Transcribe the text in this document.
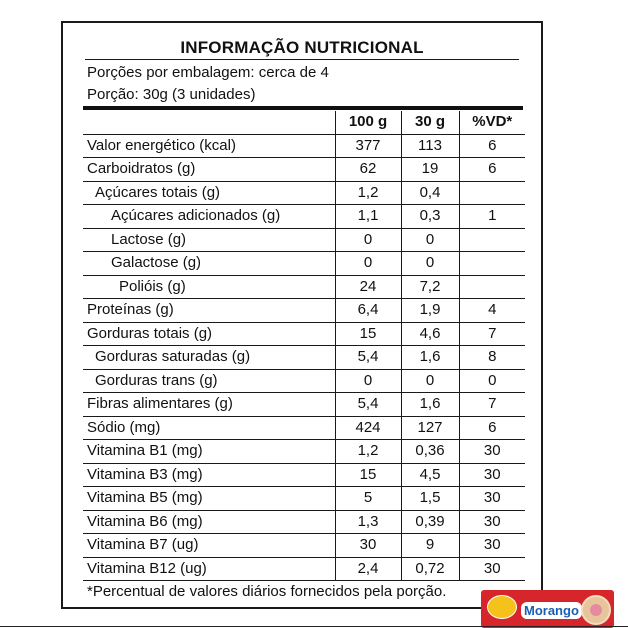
INFORMAÇÃO NUTRICIONAL
Porções por embalagem: cerca de 4
Porção: 30g (3 unidades)
	100 g	30 g	%VD*
Valor energético (kcal)	377	113	6
Carboidratos (g)	62	19	6
Açúcares totais (g)	1,2	0,4	
Açúcares adicionados (g)	1,1	0,3	1
Lactose (g)	0	0	
Galactose (g)	0	0	
Polióis (g)	24	7,2	
Proteínas (g)	6,4	1,9	4
Gorduras totais (g)	15	4,6	7
Gorduras saturadas (g)	5,4	1,6	8
Gorduras trans (g)	0	0	0
Fibras alimentares (g)	5,4	1,6	7
Sódio (mg)	424	127	6
Vitamina B1 (mg)	1,2	0,36	30
Vitamina B3 (mg)	15	4,5	30
Vitamina B5 (mg)	5	1,5	30
Vitamina B6 (mg)	1,3	0,39	30
Vitamina B7 (ug)	30	9	30
Vitamina B12 (ug)	2,4	0,72	30
*Percentual de valores diários fornecidos pela porção.
Morango
